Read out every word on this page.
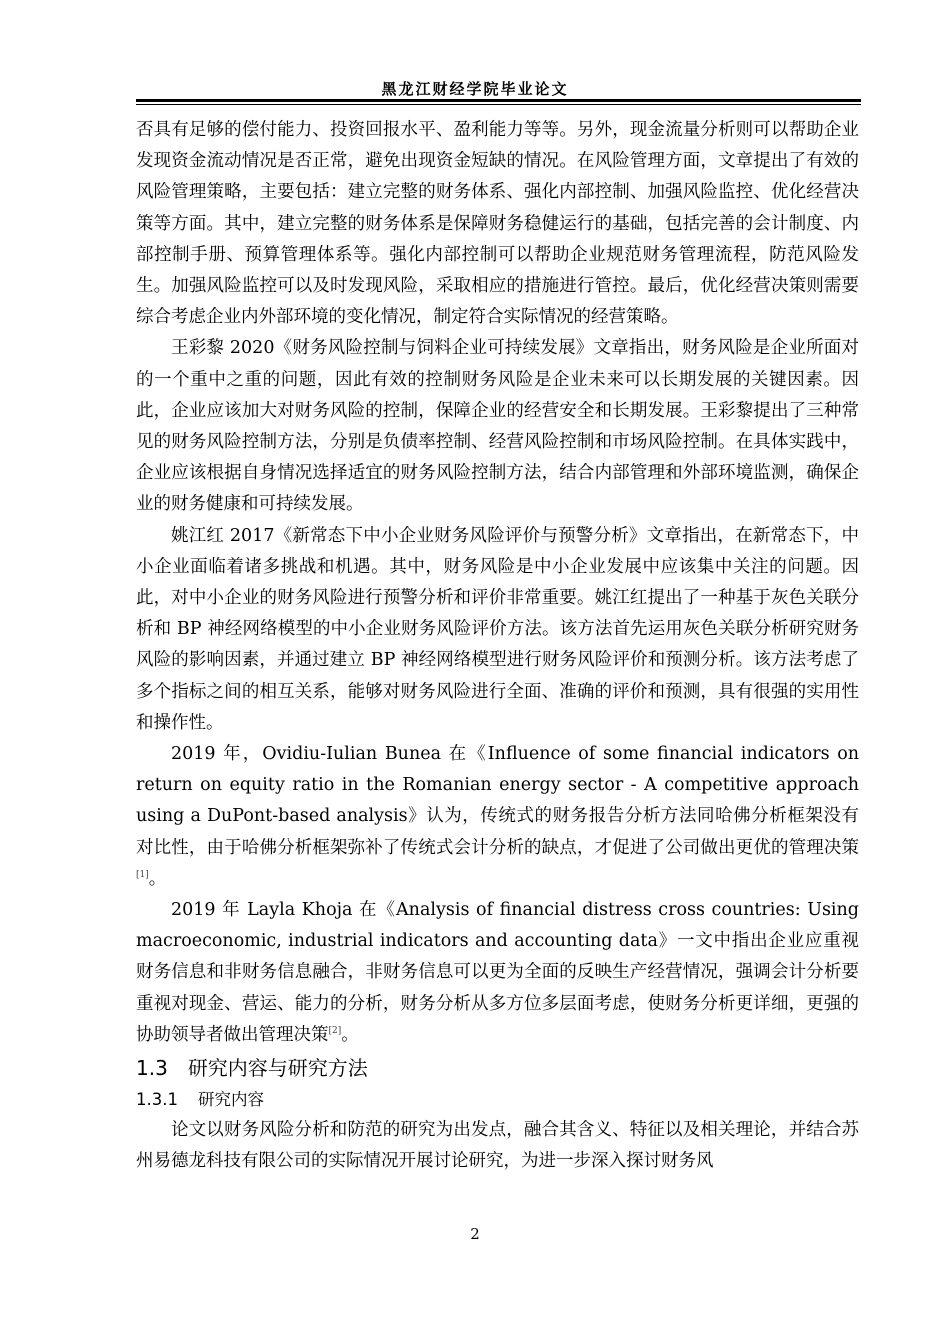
黑龙江财经学院毕业论文

否具有足够的偿付能力、投资回报水平、盈利能力等等。另外，现金流量分析则可以帮助企业发现资金流动情况是否正常，避免出现资金短缺的情况。在风险管理方面，文章提出了有效的风险管理策略，主要包括：建立完整的财务体系、强化内部控制、加强风险监控、优化经营决策等方面。其中，建立完整的财务体系是保障财务稳健运行的基础，包括完善的会计制度、内部控制手册、预算管理体系等。强化内部控制可以帮助企业规范财务管理流程，防范风险发生。加强风险监控可以及时发现风险，采取相应的措施进行管控。最后，优化经营决策则需要综合考虑企业内外部环境的变化情况，制定符合实际情况的经营策略。

王彩黎 2020《财务风险控制与饲料企业可持续发展》文章指出，财务风险是企业所面对的一个重中之重的问题，因此有效的控制财务风险是企业未来可以长期发展的关键因素。因此，企业应该加大对财务风险的控制，保障企业的经营安全和长期发展。王彩黎提出了三种常见的财务风险控制方法，分别是负债率控制、经营风险控制和市场风险控制。在具体实践中，企业应该根据自身情况选择适宜的财务风险控制方法，结合内部管理和外部环境监测，确保企业的财务健康和可持续发展。

姚江红 2017《新常态下中小企业财务风险评价与预警分析》文章指出，在新常态下，中小企业面临着诸多挑战和机遇。其中，财务风险是中小企业发展中应该集中关注的问题。因此，对中小企业的财务风险进行预警分析和评价非常重要。姚江红提出了一种基于灰色关联分析和 BP 神经网络模型的中小企业财务风险评价方法。该方法首先运用灰色关联分析研究财务风险的影响因素，并通过建立 BP 神经网络模型进行财务风险评价和预测分析。该方法考虑了多个指标之间的相互关系，能够对财务风险进行全面、准确的评价和预测，具有很强的实用性和操作性。

2019 年，Ovidiu-Iulian Bunea 在《Influence of some financial indicators on return on equity ratio in the Romanian energy sector - A competitive approach using a DuPont-based analysis》认为，传统式的财务报告分析方法同哈佛分析框架没有对比性，由于哈佛分析框架弥补了传统式会计分析的缺点，才促进了公司做出更优的管理决策[1]。

2019 年 Layla Khoja 在《Analysis of financial distress cross countries: Using macroeconomic, industrial indicators and accounting data》一文中指出企业应重视财务信息和非财务信息融合，非财务信息可以更为全面的反映生产经营情况，强调会计分析要重视对现金、营运、能力的分析，财务分析从多方位多层面考虑，使财务分析更详细，更强的协助领导者做出管理决策[2]。

1.3 研究内容与研究方法

1.3.1 研究内容

论文以财务风险分析和防范的研究为出发点，融合其含义、特征以及相关理论，并结合苏州易德龙科技有限公司的实际情况开展讨论研究，为进一步深入探讨财务风

2
